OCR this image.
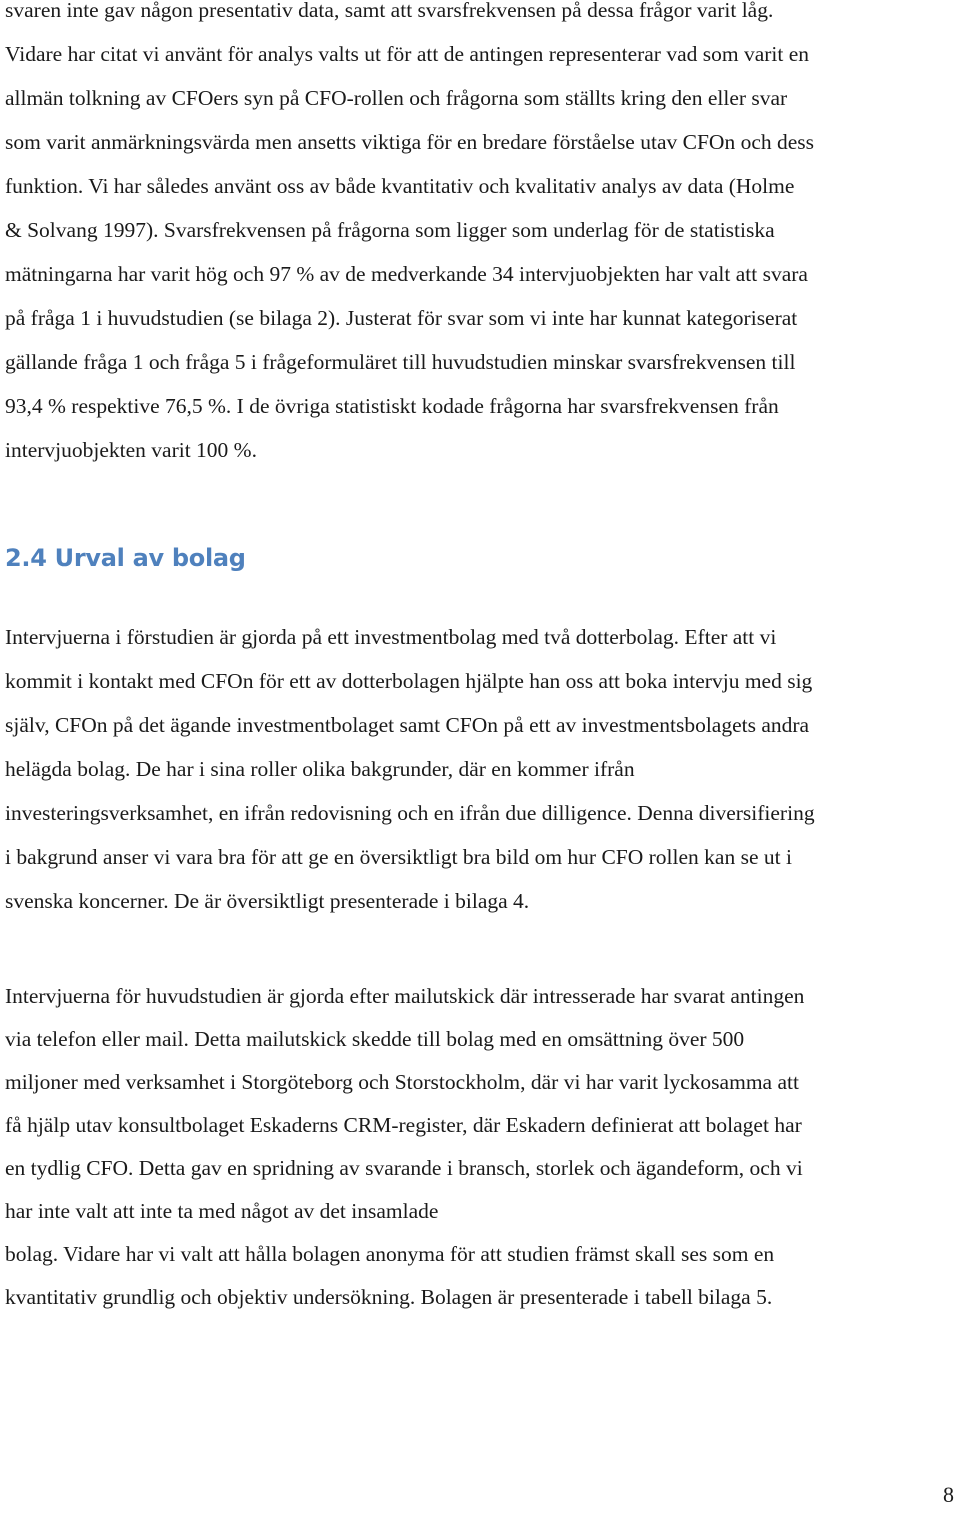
svaren inte gav någon presentativ data, samt att svarsfrekvensen på dessa frågor varit låg.
Vidare har citat vi använt för analys valts ut för att de antingen representerar vad som varit en
allmän tolkning av CFOers syn på CFO-rollen och frågorna som ställts kring den eller svar
som varit anmärkningsvärda men ansetts viktiga för en bredare förståelse utav CFOn och dess
funktion. Vi har således använt oss av både kvantitativ och kvalitativ analys av data (Holme
& Solvang 1997). Svarsfrekvensen på frågorna som ligger som underlag för de statistiska
mätningarna har varit hög och 97 % av de medverkande 34 intervjuobjekten har valt att svara
på fråga 1 i huvudstudien (se bilaga 2). Justerat för svar som vi inte har kunnat kategoriserat
gällande fråga 1 och fråga 5 i frågeformuläret till huvudstudien minskar svarsfrekvensen till
93,4 % respektive 76,5 %. I de övriga statistiskt kodade frågorna har svarsfrekvensen från
intervjuobjekten varit 100 %.
2.4 Urval av bolag
Intervjuerna i förstudien är gjorda på ett investmentbolag med två dotterbolag. Efter att vi
kommit i kontakt med CFOn för ett av dotterbolagen hjälpte han oss att boka intervju med sig
själv, CFOn på det ägande investmentbolaget samt CFOn på ett av investmentsbolagets andra
helägda bolag. De har i sina roller olika bakgrunder, där en kommer ifrån
investeringsverksamhet, en ifrån redovisning och en ifrån due dilligence. Denna diversifiering
i bakgrund anser vi vara bra för att ge en översiktligt bra bild om hur CFO rollen kan se ut i
svenska koncerner. De är översiktligt presenterade i bilaga 4.
Intervjuerna för huvudstudien är gjorda efter mailutskick där intresserade har svarat antingen
via telefon eller mail. Detta mailutskick skedde till bolag med en omsättning över 500
miljoner med verksamhet i Storgöteborg och Storstockholm, där vi har varit lyckosamma att
få hjälp utav konsultbolaget Eskaderns CRM-register, där Eskadern definierat att bolaget har
en tydlig CFO. Detta gav en spridning av svarande i bransch, storlek och ägandeform, och vi
har inte valt att inte ta med något av det insamlade
bolag. Vidare har vi valt att hålla bolagen anonyma för att studien främst skall ses som en
kvantitativ grundlig och objektiv undersökning. Bolagen är presenterade i tabell bilaga 5.
8
